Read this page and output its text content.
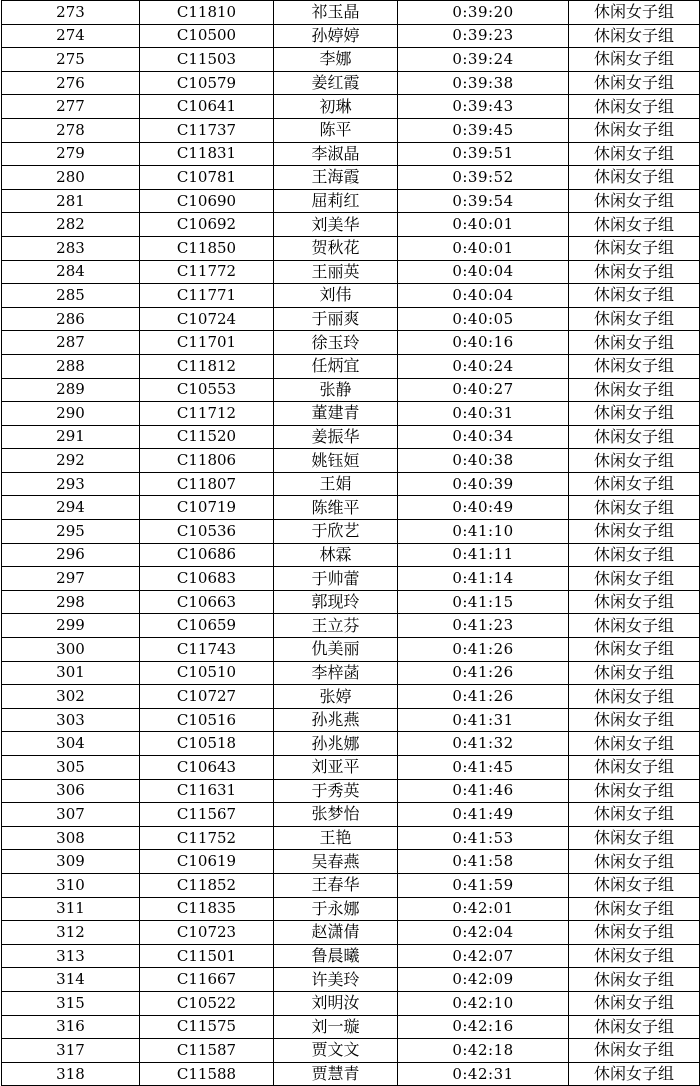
273	C11810	祁玉晶	0:39:20	休闲女子组
274	C10500	孙婷婷	0:39:23	休闲女子组
275	C11503	李娜	0:39:24	休闲女子组
276	C10579	姜红霞	0:39:38	休闲女子组
277	C10641	初琳	0:39:43	休闲女子组
278	C11737	陈平	0:39:45	休闲女子组
279	C11831	李淑晶	0:39:51	休闲女子组
280	C10781	王海霞	0:39:52	休闲女子组
281	C10690	屈莉红	0:39:54	休闲女子组
282	C10692	刘美华	0:40:01	休闲女子组
283	C11850	贺秋花	0:40:01	休闲女子组
284	C11772	王丽英	0:40:04	休闲女子组
285	C11771	刘伟	0:40:04	休闲女子组
286	C10724	于丽爽	0:40:05	休闲女子组
287	C11701	徐玉玲	0:40:16	休闲女子组
288	C11812	任炳宜	0:40:24	休闲女子组
289	C10553	张静	0:40:27	休闲女子组
290	C11712	董建青	0:40:31	休闲女子组
291	C11520	姜振华	0:40:34	休闲女子组
292	C11806	姚钰姮	0:40:38	休闲女子组
293	C11807	王娟	0:40:39	休闲女子组
294	C10719	陈维平	0:40:49	休闲女子组
295	C10536	于欣艺	0:41:10	休闲女子组
296	C10686	林霖	0:41:11	休闲女子组
297	C10683	于帅蕾	0:41:14	休闲女子组
298	C10663	郭现玲	0:41:15	休闲女子组
299	C10659	王立芬	0:41:23	休闲女子组
300	C11743	仇美丽	0:41:26	休闲女子组
301	C10510	李梓菡	0:41:26	休闲女子组
302	C10727	张婷	0:41:26	休闲女子组
303	C10516	孙兆燕	0:41:31	休闲女子组
304	C10518	孙兆娜	0:41:32	休闲女子组
305	C10643	刘亚平	0:41:45	休闲女子组
306	C11631	于秀英	0:41:46	休闲女子组
307	C11567	张梦怡	0:41:49	休闲女子组
308	C11752	王艳	0:41:53	休闲女子组
309	C10619	吴春燕	0:41:58	休闲女子组
310	C11852	王春华	0:41:59	休闲女子组
311	C11835	于永娜	0:42:01	休闲女子组
312	C10723	赵潇倩	0:42:04	休闲女子组
313	C11501	鲁晨曦	0:42:07	休闲女子组
314	C11667	许美玲	0:42:09	休闲女子组
315	C10522	刘明汝	0:42:10	休闲女子组
316	C11575	刘一璇	0:42:16	休闲女子组
317	C11587	贾文文	0:42:18	休闲女子组
318	C11588	贾慧青	0:42:31	休闲女子组
